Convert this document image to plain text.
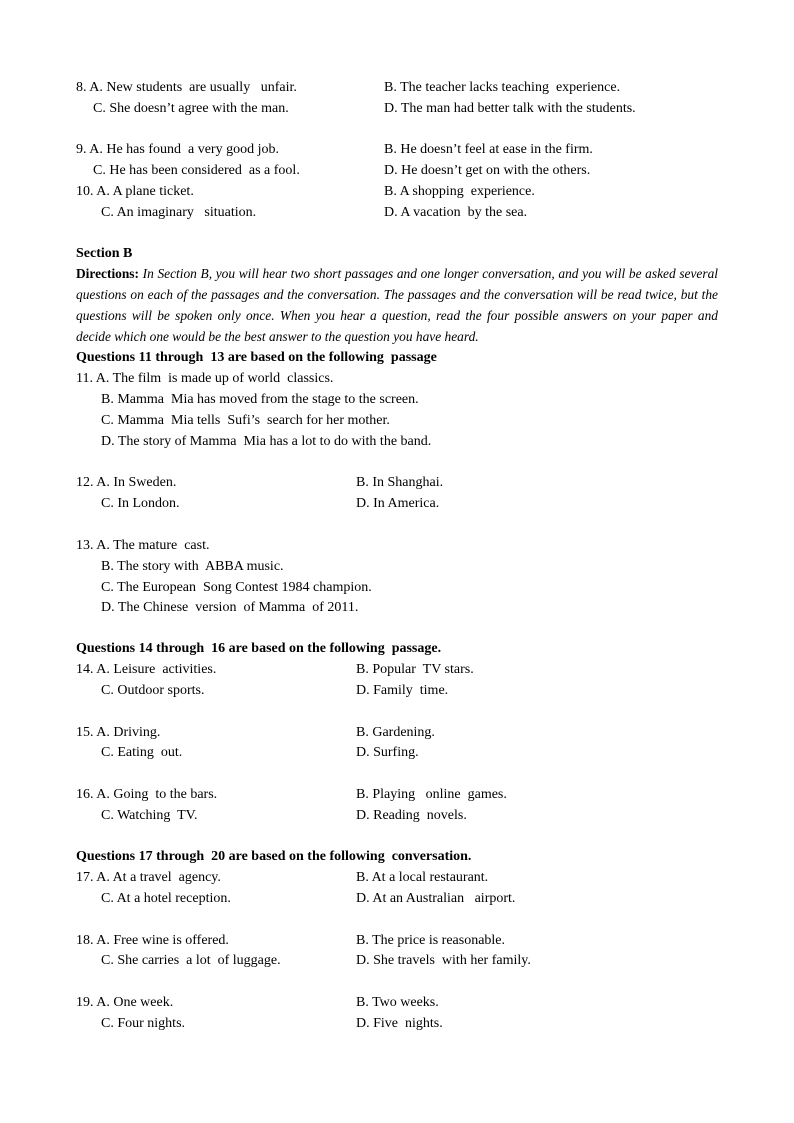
8. A. New students  are usually   unfair.	B. The teacher lacks teaching  experience.
C. She doesn’t agree with the man.	D. The man had better talk with the students.
9. A. He has found  a very good job.	B. He doesn’t feel at ease in the firm.
C. He has been considered  as a fool.	D. He doesn’t get on with the others.
10. A. A plane ticket.	B. A shopping  experience.
C. An imaginary   situation.	D. A vacation  by the sea.
Section B
Directions: In Section B, you will hear two short passages and one longer conversation, and you will be asked several questions on each of the passages and the conversation. The passages and the conversation will be read twice, but the questions will be spoken only once. When you hear a question, read the four possible answers on your paper and decide which one would be the best answer to the question you have heard.
Questions 11 through  13 are based on the following  passage
11. A. The film  is made up of world  classics.
B. Mamma  Mia has moved from the stage to the screen.
C. Mamma  Mia tells  Sufi’s  search for her mother.
D. The story of Mamma  Mia has a lot to do with the band.
12. A. In Sweden.	B. In Shanghai.
C. In London.	D. In America.
13. A. The mature  cast.
B. The story with  ABBA music.
C. The European  Song Contest 1984 champion.
D. The Chinese  version  of Mamma  of 2011.
Questions 14 through  16 are based on the following  passage.
14. A. Leisure  activities.	B. Popular  TV stars.
C. Outdoor sports.	D. Family  time.
15. A. Driving.	B. Gardening.
C. Eating  out.	D. Surfing.
16. A. Going  to the bars.	B. Playing   online  games.
C. Watching  TV.	D. Reading  novels.
Questions 17 through  20 are based on the following  conversation.
17. A. At a travel  agency.	B. At a local restaurant.
C. At a hotel reception.	D. At an Australian   airport.
18. A. Free wine is offered.	B. The price is reasonable.
C. She carries  a lot  of luggage.	D. She travels  with her family.
19. A. One week.	B. Two weeks.
C. Four nights.	D. Five  nights.
